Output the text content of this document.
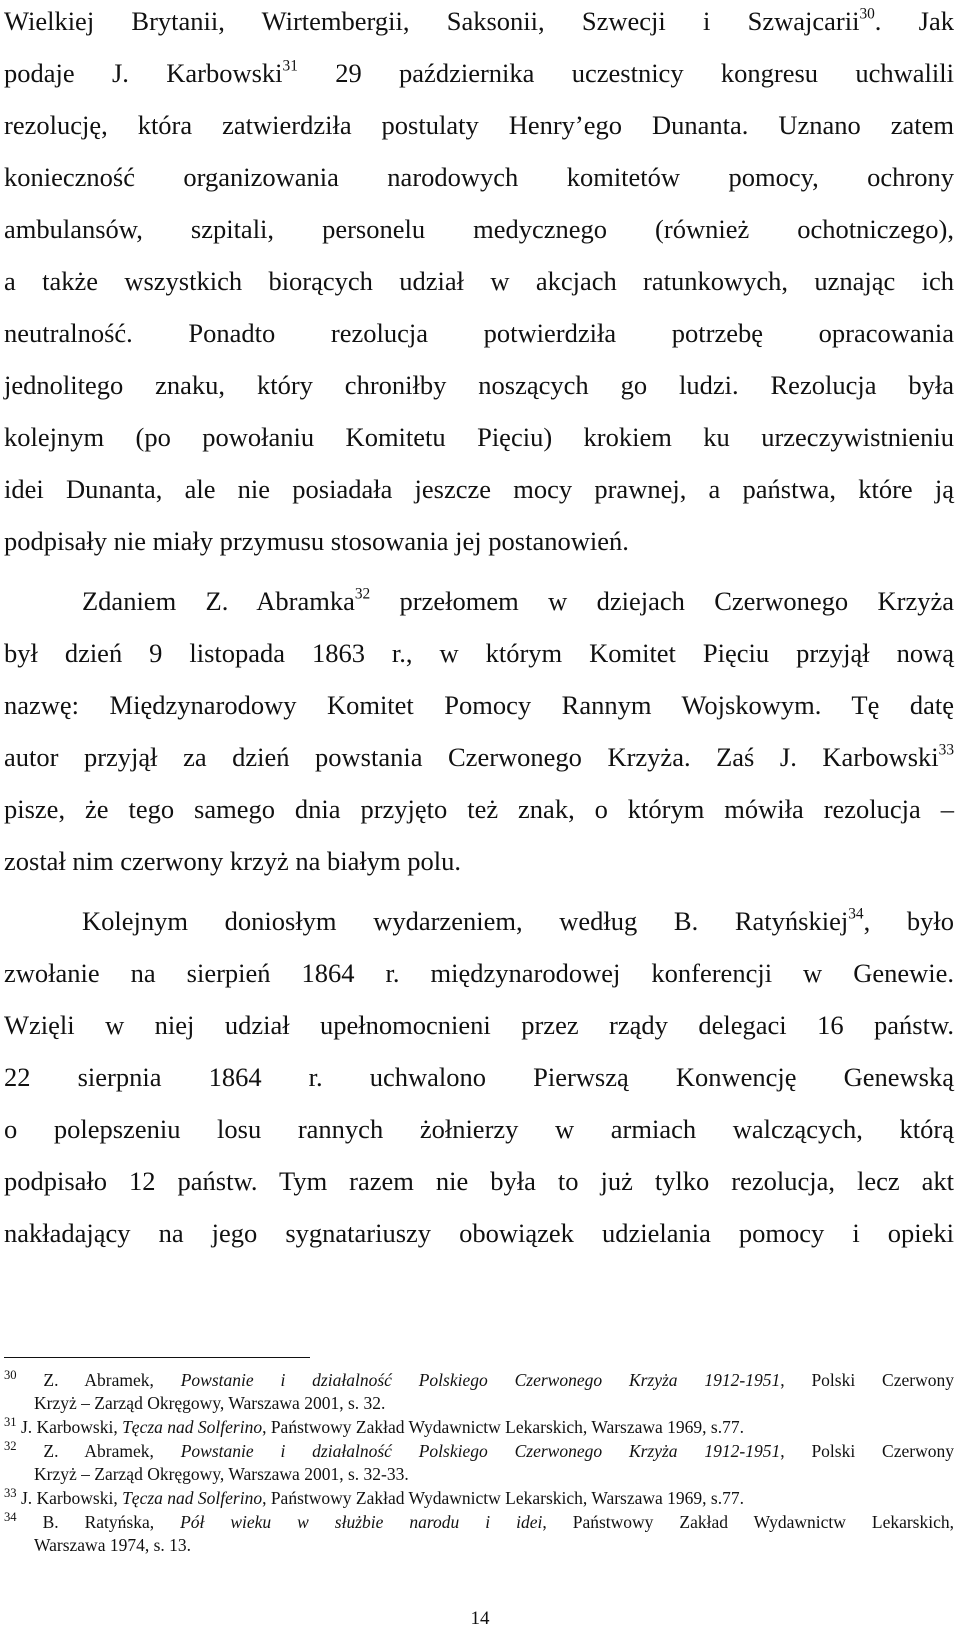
Wielkiej Brytanii, Wirtembergii, Saksonii, Szwecji i Szwajcarii$^{30}$. Jak
podaje J. Karbowski$^{31}$ 29 października uczestnicy kongresu uchwalili
rezolucję, która zatwierdziła postulaty Henry’ego Dunanta. Uznano zatem
konieczność organizowania narodowych komitetów pomocy, ochrony
ambulansów, szpitali, personelu medycznego (również ochotniczego),
a także wszystkich biorących udział w akcjach ratunkowych, uznając ich
neutralność. Ponadto rezolucja potwierdziła potrzebę opracowania
jednolitego znaku, który chroniłby noszących go ludzi. Rezolucja była
kolejnym (po powołaniu Komitetu Pięciu) krokiem ku urzeczywistnieniu
idei Dunanta, ale nie posiadała jeszcze mocy prawnej, a państwa, które ją
podpisały nie miały przymusu stosowania jej postanowień.
Zdaniem Z. Abramka$^{32}$ przełomem w dziejach Czerwonego Krzyża
był dzień 9 listopada 1863 r., w którym Komitet Pięciu przyjął nową
nazwę: Międzynarodowy Komitet Pomocy Rannym Wojskowym. Tę datę
autor przyjął za dzień powstania Czerwonego Krzyża. Zaś J. Karbowski$^{33}$
pisze, że tego samego dnia przyjęto też znak, o którym mówiła rezolucja –
został nim czerwony krzyż na białym polu.
Kolejnym doniosłym wydarzeniem, według B. Ratyńskiej$^{34}$, było
zwołanie na sierpień 1864 r. międzynarodowej konferencji w Genewie.
Wzięli w niej udział upełnomocnieni przez rządy delegaci 16 państw.
22 sierpnia 1864 r. uchwalono Pierwszą Konwencję Genewską
o polepszeniu losu rannych żołnierzy w armiach walczących, którą
podpisało 12 państw. Tym razem nie była to już tylko rezolucja, lecz akt
nakładający na jego sygnatariuszy obowiązek udzielania pomocy i opieki
$^{30}$ Z. Abramek, Powstanie i działalność Polskiego Czerwonego Krzyża 1912-1951, Polski Czerwony
Krzyż – Zarząd Okręgowy, Warszawa 2001, s. 32.
$^{31}$ J. Karbowski, Tęcza nad Solferino, Państwowy Zakład Wydawnictw Lekarskich, Warszawa 1969, s.77.
$^{32}$ Z. Abramek, Powstanie i działalność Polskiego Czerwonego Krzyża 1912-1951, Polski Czerwony
Krzyż – Zarząd Okręgowy, Warszawa 2001, s. 32-33.
$^{33}$ J. Karbowski, Tęcza nad Solferino, Państwowy Zakład Wydawnictw Lekarskich, Warszawa 1969, s.77.
$^{34}$ B. Ratyńska, Pół wieku w służbie narodu i idei, Państwowy Zakład Wydawnictw Lekarskich,
Warszawa 1974, s. 13.
14
